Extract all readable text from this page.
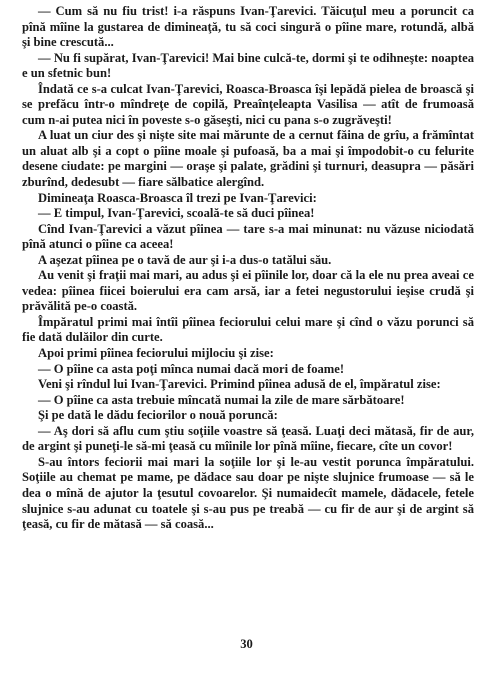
— Cum să nu fiu trist! i-a răspuns Ivan-Ţarevici. Tăicuţul meu a poruncit ca pînă mîine la gustarea de dimineaţă, tu să coci singură o pîine mare, rotundă, albă şi bine crescută...

— Nu fi supărat, Ivan-Ţarevici! Mai bine culcă-te, dormi şi te odihneşte: noaptea e un sfetnic bun!

Îndată ce s-a culcat Ivan-Ţarevici, Roasca-Broasca îşi lepădă pielea de broască şi se prefăcu într-o mîndreţe de copilă, Preaînţeleapta Vasilisa — atît de frumoasă cum n-ai putea nici în poveste s-o găseşti, nici cu pana s-o zugrăveşti!

A luat un ciur des şi nişte site mai mărunte de a cernut făina de grîu, a frămîntat un aluat alb şi a copt o pîine moale şi pufoasă, ba a mai şi împodobit-o cu felurite desene ciudate: pe margini — oraşe şi palate, grădini şi turnuri, deasupra — păsări zburînd, dedesubt — fiare sălbatice alergînd.

Dimineaţa Roasca-Broasca îl trezi pe Ivan-Ţarevici:

— E timpul, Ivan-Ţarevici, scoală-te să duci pîinea!

Cînd Ivan-Ţarevici a văzut pîinea — tare s-a mai minunat: nu văzuse niciodată pînă atunci o pîine ca aceea!

A aşezat pîinea pe o tavă de aur şi i-a dus-o tatălui său.

Au venit şi fraţii mai mari, au adus şi ei pîinile lor, doar că la ele nu prea aveai ce vedea: pîinea fiicei boierului era cam arsă, iar a fetei negustorului ieşise crudă şi prăvălită pe-o coastă.

Împăratul primi mai întîi pîinea feciorului celui mare şi cînd o văzu porunci să fie dată dulăilor din curte.

Apoi primi pîinea feciorului mijlociu şi zise:

— O pîine ca asta poţi mînca numai dacă mori de foame!

Veni şi rîndul lui Ivan-Ţarevici. Primind pîinea adusă de el, împăratul zise:

— O pîine ca asta trebuie mîncată numai la zile de mare sărbătoare!

Şi pe dată le dădu feciorilor o nouă poruncă:

— Aş dori să aflu cum ştiu soţiile voastre să ţeasă. Luaţi deci mătasă, fir de aur, de argint şi puneţi-le să-mi ţeasă cu mîinile lor pînă mîine, fiecare, cîte un covor!

S-au întors feciorii mai mari la soţiile lor şi le-au vestit porunca împăratului. Soţiile au chemat pe mame, pe dădace sau doar pe nişte slujnice frumoase — să le dea o mînă de ajutor la ţesutul covoarelor. Şi numaidecît mamele, dădacele, fetele slujnice s-au adunat cu toatele şi s-au pus pe treabă — cu fir de aur şi de argint să ţeasă, cu fir de mătasă — să coasă...

30
